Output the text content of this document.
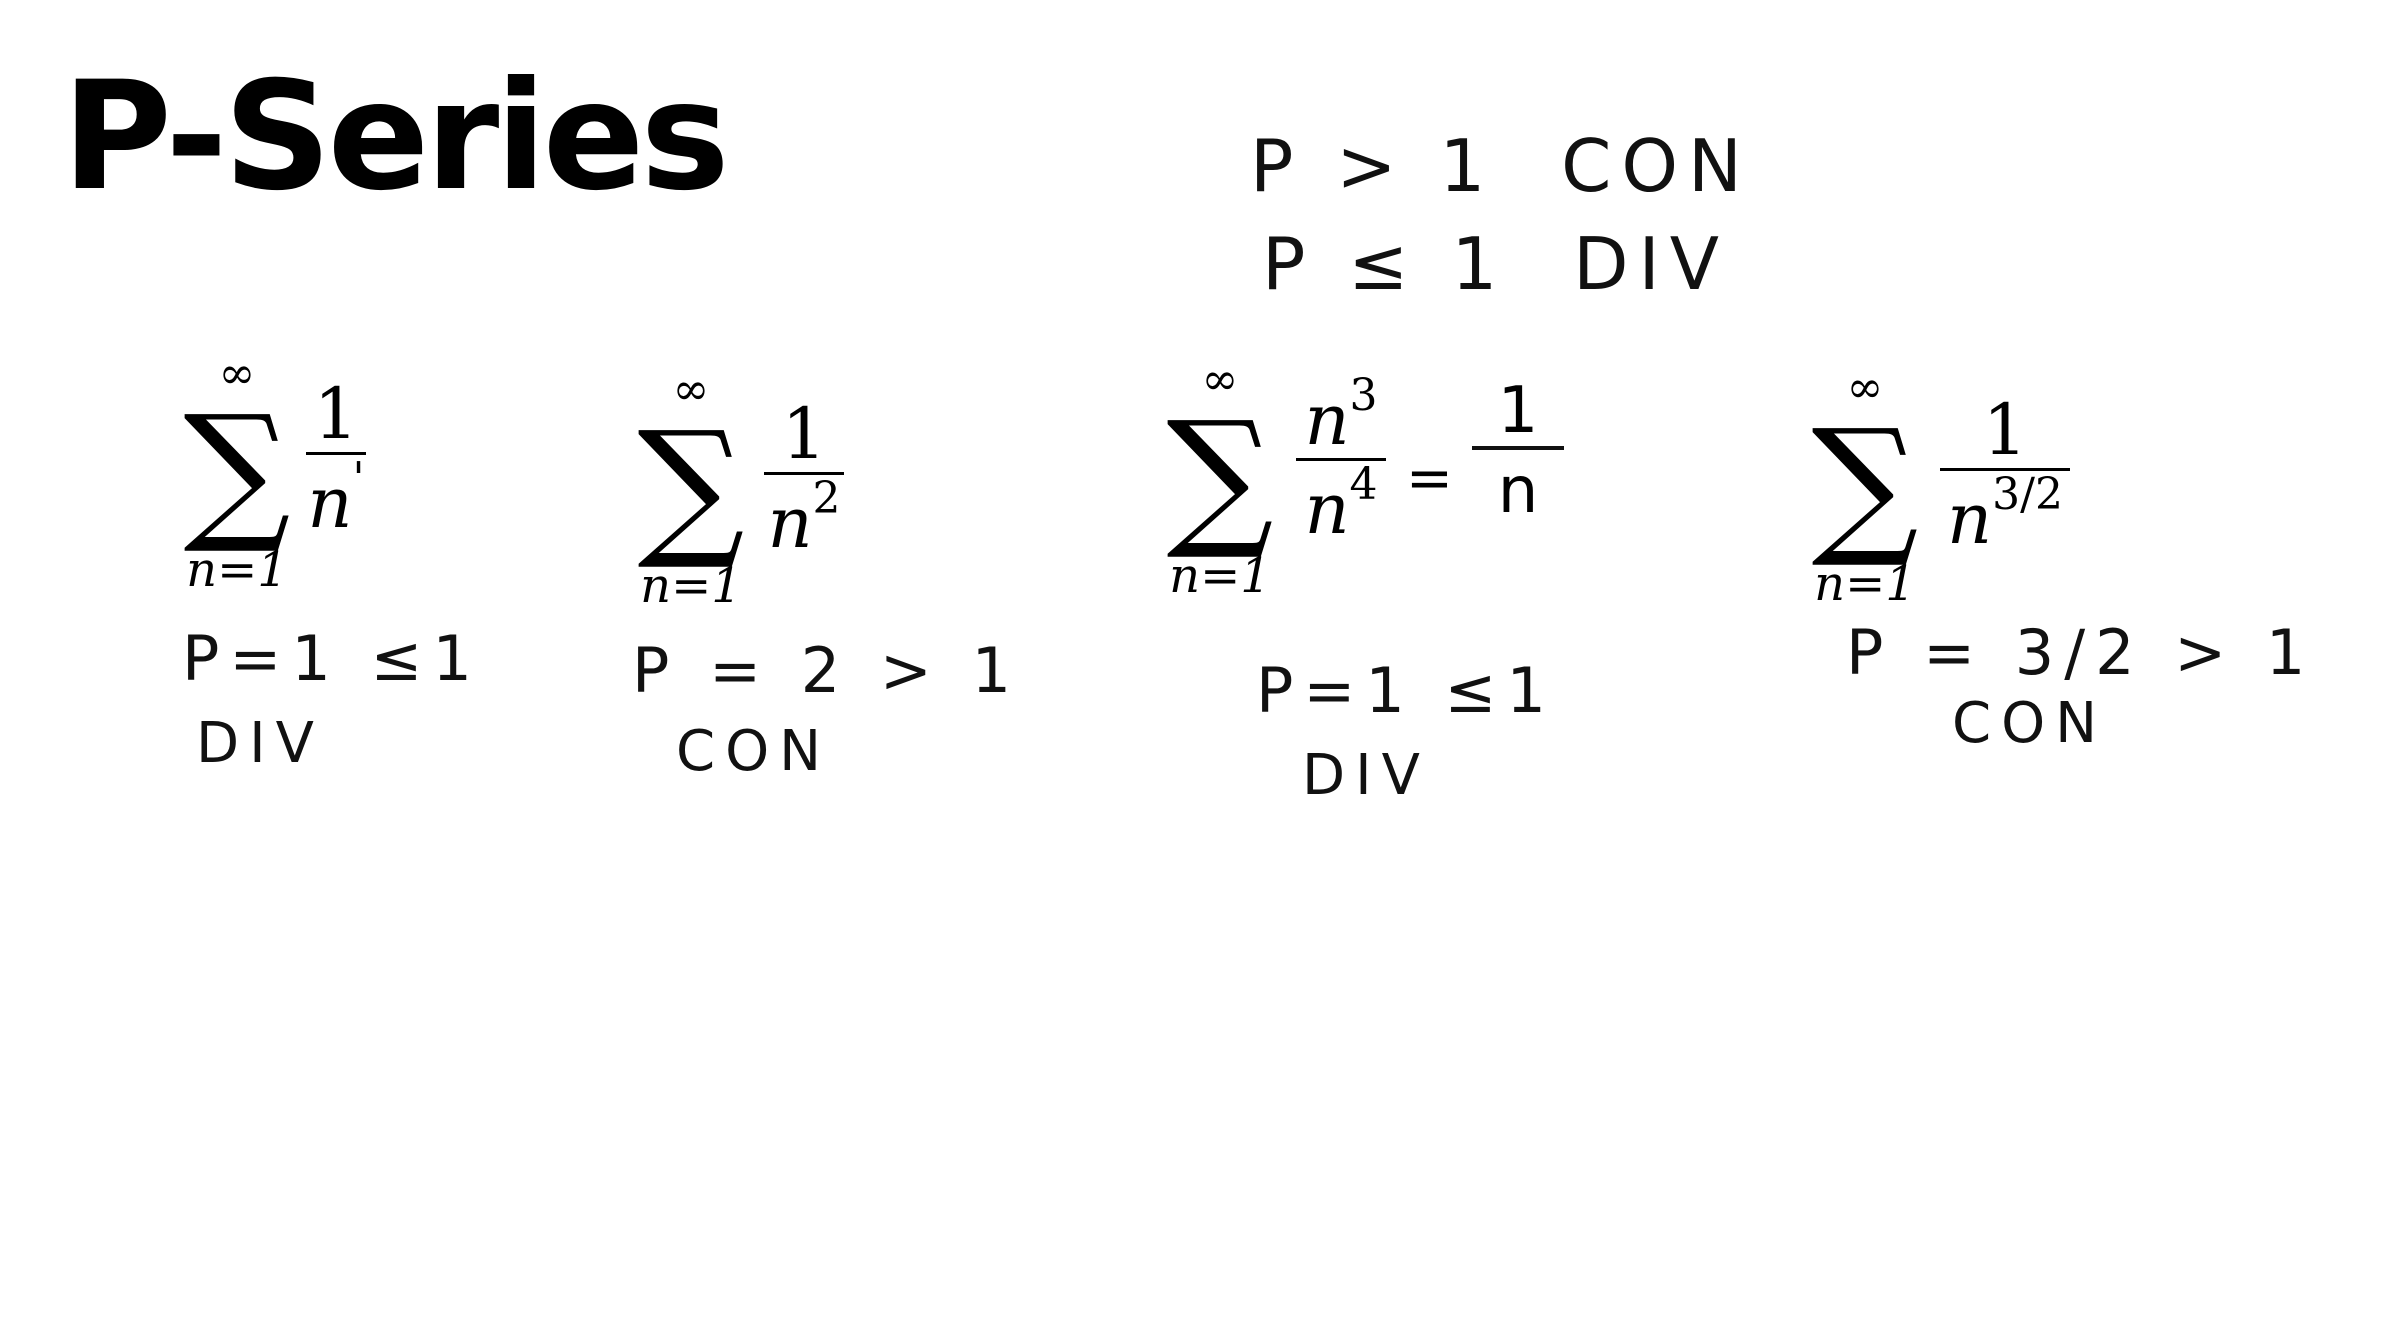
P-Series	P > 1  CON
P ≤ 1  DIV
∞
∑
n=1
$\frac{1}{n'}$
P=1 ≤1
DIV
∞
∑
n=1
$\frac{1}{n^2}$
P = 2 > 1
CON
∞
∑
n=1
$\frac{n^3}{n^4} = \frac{1}{n}$
P=1 ≤1
DIV
∞
∑
n=1
$\frac{1}{n^{3/2}}$
P = 3/2 > 1
CON
